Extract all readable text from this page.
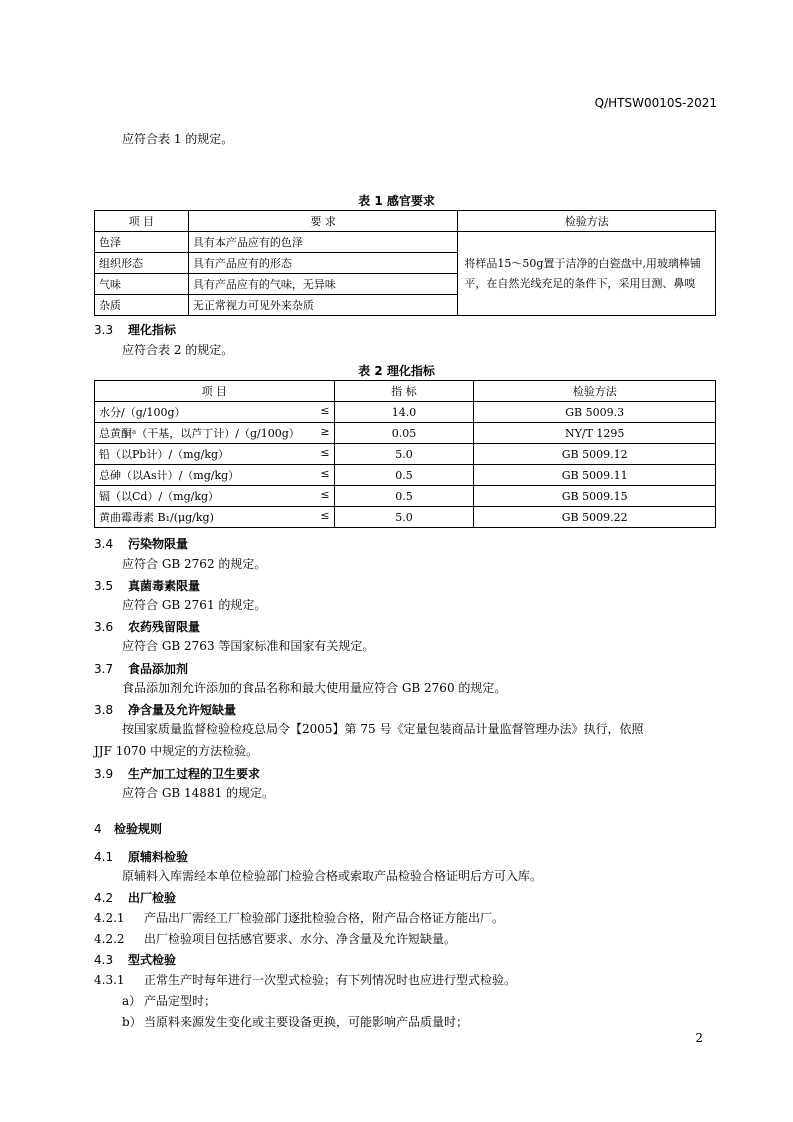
Q/HTSW0010S-2021
应符合表 1 的规定。
表 1 感官要求
项 目	要 求	检验方法
色泽	具有本产品应有的色泽	将样品15～50g置于洁净的白瓷盘中,用玻璃棒铺平，在自然光线充足的条件下，采用目测、鼻嗅
组织形态	具有产品应有的形态	
气味	具有产品应有的气味，无异味	
杂质	无正常视力可见外来杂质	
3.3 理化指标
应符合表 2 的规定。
表 2 理化指标
项 目	指 标	检验方法

水分/（g/100g） ≤	14.0	GB 5009.3

总黄酮ᵃ（干基，以芦丁计）/（g/100g） ≥	0.05	NY/T 1295

铅（以Pb计）/（mg/kg） ≤	5.0	GB 5009.12

总砷（以As计）/（mg/kg） ≤	0.5	GB 5009.11

镉（以Cd）/（mg/kg） ≤	0.5	GB 5009.15

黄曲霉毒素 B₁/(μg/kg) ≤	5.0	GB 5009.22
3.4 污染物限量
应符合 GB 2762 的规定。
3.5 真菌毒素限量
应符合 GB 2761 的规定。
3.6 农药残留限量
应符合 GB 2763 等国家标准和国家有关规定。
3.7 食品添加剂
食品添加剂允许添加的食品名称和最大使用量应符合 GB 2760 的规定。
3.8 净含量及允许短缺量
按国家质量监督检验检疫总局令【2005】第 75 号《定量包装商品计量监督管理办法》执行，依照
JJF 1070 中规定的方法检验。
3.9 生产加工过程的卫生要求
应符合 GB 14881 的规定。
4 检验规则
4.1 原辅料检验
原辅料入库需经本单位检验部门检验合格或索取产品检验合格证明后方可入库。
4.2 出厂检验
4.2.1 产品出厂需经工厂检验部门逐批检验合格，附产品合格证方能出厂。
4.2.2 出厂检验项目包括感官要求、水分、净含量及允许短缺量。
4.3 型式检验
4.3.1 正常生产时每年进行一次型式检验；有下列情况时也应进行型式检验。
a） 产品定型时；
b） 当原料来源发生变化或主要设备更换，可能影响产品质量时；
2
